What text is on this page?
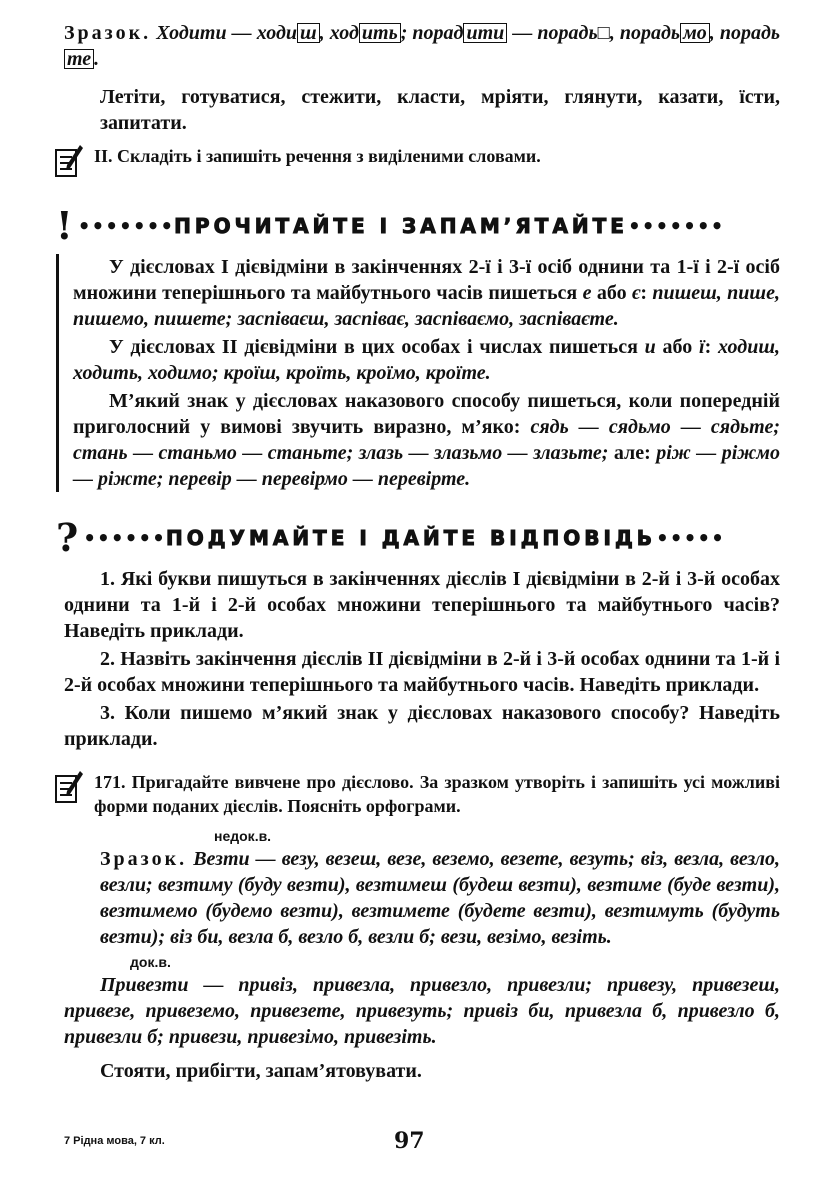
Зразок. Ходити — ходи ш , ход ить ; порад ити — порадь□, порадь мо , порадьте .

Летіти, готуватися, стежити, класти, мріяти, глянути, казати, їсти, запитати.

II. Складіть і запишіть речення з виділеними словами.

! ••••••• ПРОЧИТАЙТЕ І ЗАПАМ’ЯТАЙТЕ •••••••

У дієсловах I дієвідміни в закінченнях 2-ї і 3-ї осіб однини та 1-ї і 2-ї осіб множини теперішнього та майбутнього часів пишеться е або є: пишеш, пише, пишемо, пишете; заспіваєш, заспіває, заспіваємо, заспіваєте.

У дієсловах II дієвідміни в цих особах і числах пишеться и або ї: ходиш, ходить, ходимо; кроїш, кроїть, кроїмо, кроїте.

М’який знак у дієсловах наказового способу пишеться, коли попередній приголосний у вимові звучить виразно, м’яко: сядь — сядьмо — сядьте; стань — станьмо — станьте; злазь — злазьмо — злазьте; але: ріж — ріжмо — ріжте; перевір — перевірмо — перевірте.

? •••••• ПОДУМАЙТЕ І ДАЙТЕ ВІДПОВІДЬ •••••

1. Які букви пишуться в закінченнях дієслів I дієвідміни в 2-й і 3-й особах однини та 1-й і 2-й особах множини теперішнього та майбутнього часів? Наведіть приклади.

2. Назвіть закінчення дієслів II дієвідміни в 2-й і 3-й особах однини та 1-й і 2-й особах множини теперішнього та майбутнього часів. Наведіть приклади.

3. Коли пишемо м’який знак у дієсловах наказового способу? Наведіть приклади.

171. Пригадайте вивчене про дієслово. За зразком утворіть і запишіть усі можливі форми поданих дієслів. Поясніть орфограми.

недок.в.

Зразок. Везти — везу, везеш, везе, веземо, везете, везуть; віз, везла, везло, везли; везтиму (буду везти), везтимеш (будеш везти), везтиме (буде везти), везтимемо (будемо везти), везтимете (будете везти), везтимуть (будуть везти); віз би, везла б, везло б, везли б; вези, везімо, везіть.

док.в.

Привезти — привіз, привезла, привезло, привезли; привезу, привезеш, привезе, привеземо, привезете, привезуть; привіз би, привезла б, привезло б, привезли б; привези, привезімо, привезіть.

Стояти, прибігти, запам’ятовувати.

7 Рідна мова, 7 кл.	97
